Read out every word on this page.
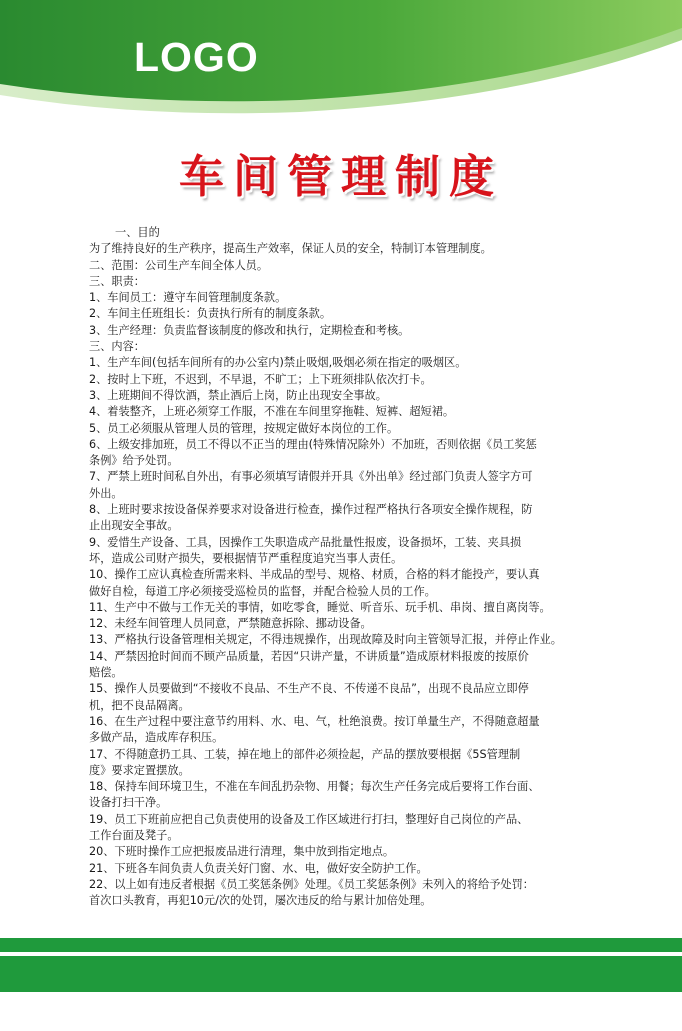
LOGO
车间管理制度

一、目的

为了维持良好的生产秩序，提高生产效率，保证人员的安全，特制订本管理制度。

二、范围：公司生产车间全体人员。

三、职责：

1、车间员工：遵守车间管理制度条款。

2、车间主任班组长：负责执行所有的制度条款。

3、生产经理：负责监督该制度的修改和执行，定期检查和考核。

三、内容：

1、生产车间(包括车间所有的办公室内)禁止吸烟,吸烟必须在指定的吸烟区。

2、按时上下班，不迟到，不早退，不旷工；上下班须排队依次打卡。

3、上班期间不得饮酒，禁止酒后上岗，防止出现安全事故。

4、着装整齐，上班必须穿工作服，不准在车间里穿拖鞋、短裤、超短裙。

5、员工必须服从管理人员的管理，按规定做好本岗位的工作。

6、上级安排加班，员工不得以不正当的理由(特殊情况除外）不加班，否则依据《员工奖惩

条例》给予处罚。

7、严禁上班时间私自外出，有事必须填写请假并开具《外出单》经过部门负责人签字方可

外出。

8、上班时要求按设备保养要求对设备进行检查，操作过程严格执行各项安全操作规程，防

止出现安全事故。

9、爱惜生产设备、工具，因操作工失职造成产品批量性报废，设备损坏，工装、夹具损

坏，造成公司财产损失，要根据情节严重程度追究当事人责任。

10、操作工应认真检查所需来料、半成品的型号、规格、材质，合格的料才能投产，要认真

做好自检，每道工序必须接受巡检员的监督，并配合检验人员的工作。

11、生产中不做与工作无关的事情，如吃零食，睡觉、听音乐、玩手机、串岗、擅自离岗等。

12、未经车间管理人员同意，严禁随意拆除、挪动设备。

13、严格执行设备管理相关规定，不得违规操作，出现故障及时向主管领导汇报，并停止作业。

14、严禁因抢时间而不顾产品质量，若因“只讲产量，不讲质量”造成原材料报废的按原价

赔偿。

15、操作人员要做到“不接收不良品、不生产不良、不传递不良品”，出现不良品应立即停

机，把不良品隔离。

16、在生产过程中要注意节约用料、水、电、气，杜绝浪费。按订单量生产，不得随意超量

多做产品，造成库存积压。

17、不得随意扔工具、工装，掉在地上的部件必须捡起，产品的摆放要根据《5S管理制

度》要求定置摆放。

18、保持车间环境卫生，不准在车间乱扔杂物、用餐；每次生产任务完成后要将工作台面、

设备打扫干净。

19、员工下班前应把自己负责使用的设备及工作区域进行打扫，整理好自己岗位的产品、

工作台面及凳子。

20、下班时操作工应把报废品进行清理，集中放到指定地点。

21、下班各车间负责人负责关好门窗、水、电，做好安全防护工作。

22、以上如有违反者根据《员工奖惩条例》处理。《员工奖惩条例》未列入的将给予处罚：

首次口头教育，再犯10元/次的处罚，屡次违反的给与累计加倍处理。

合理规划 标识清晰
